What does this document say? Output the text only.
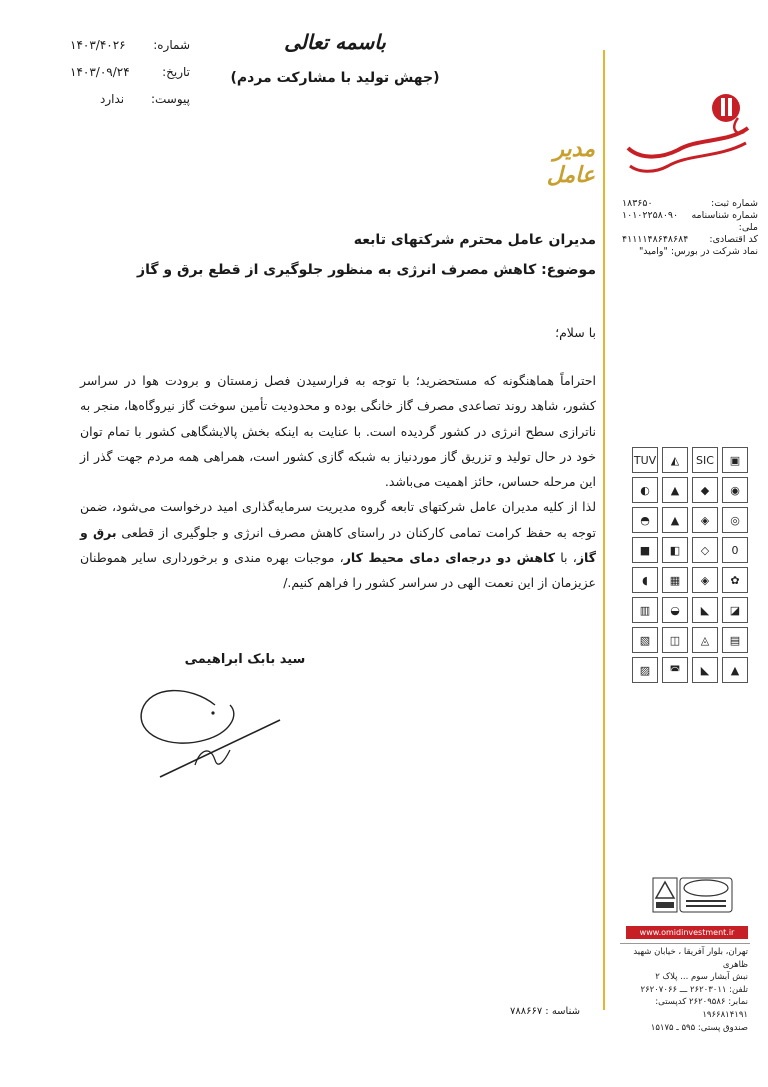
شماره:
۱۴۰۳/۴۰۲۶
تاریخ:
۱۴۰۳/۰۹/۲۴
پیوست:
ندارد
باسمه تعالی
(جهش تولید با مشارکت مردم)
مدیر عامل
مدیران عامل محترم شرکتهای تابعه
موضوع: کاهش مصرف انرژی به منظور جلوگیری از قطع برق و گاز
با سلام؛

احتراماً هماهنگونه که مستحضرید؛ با توجه به فرارسیدن فصل زمستان و برودت هوا در سراسر کشور، شاهد روند تصاعدی مصرف گاز خانگی بوده و محدودیت تأمین سوخت گاز نیروگاه‌ها، منجر به ناترازی سطح انرژی در کشور گردیده است. با عنایت به اینکه بخش پالایشگاهی کشور با تمام توان خود در حال تولید و تزریق گاز موردنیاز به شبکه گازی کشور است، همراهی همه مردم جهت گذر از این مرحله حساس، حائز اهمیت می‌باشد.

لذا از کلیه مدیران عامل شرکتهای تابعه گروه مدیریت سرمایه‌گذاری امید درخواست می‌شود، ضمن توجه به حفظ کرامت تمامی کارکنان در راستای کاهش مصرف انرژی و جلوگیری از قطعی برق و گاز، با کاهش دو درجه‌ای دمای محیط کار، موجبات بهره مندی و برخورداری سایر هموطنان عزیزمان از این نعمت الهی در سراسر کشور را فراهم کنیم./

سید بابک ابراهیمی
شناسه :
۷۸۸۶۶۷
شماره ثبت:
۱۸۳۶۵۰
شماره شناسنامه ملی:
۱۰۱۰۲۲۵۸۰۹۰
کد اقتصادی:
۴۱۱۱۱۴۸۶۴۸۶۸۴
نماد شرکت در بورس: "وامید"
TUV	◭	SIC	▣
◐	▲	◆	◉
◓	▲	◈	◎
■	◧	◇	0
◖	▦	◈	✿
▥	◒	◣	◪
▧	◫	◬	▤
▨	◚	◣	▲
www.omidinvestment.ir
تهران، بلوار آفریقا ، خیابان شهید ظاهری
نبش آبشار سوم ... پلاک ۲
تلفن: ۲۶۲۰۳۰۱۱ ـــ ۲۶۲۰۷۰۶۶
نمابر: ۲۶۲۰۹۵۸۶ کدپستی: ۱۹۶۶۸۱۴۱۹۱
صندوق پستی: ۵۹۵ ـ ۱۵۱۷۵
